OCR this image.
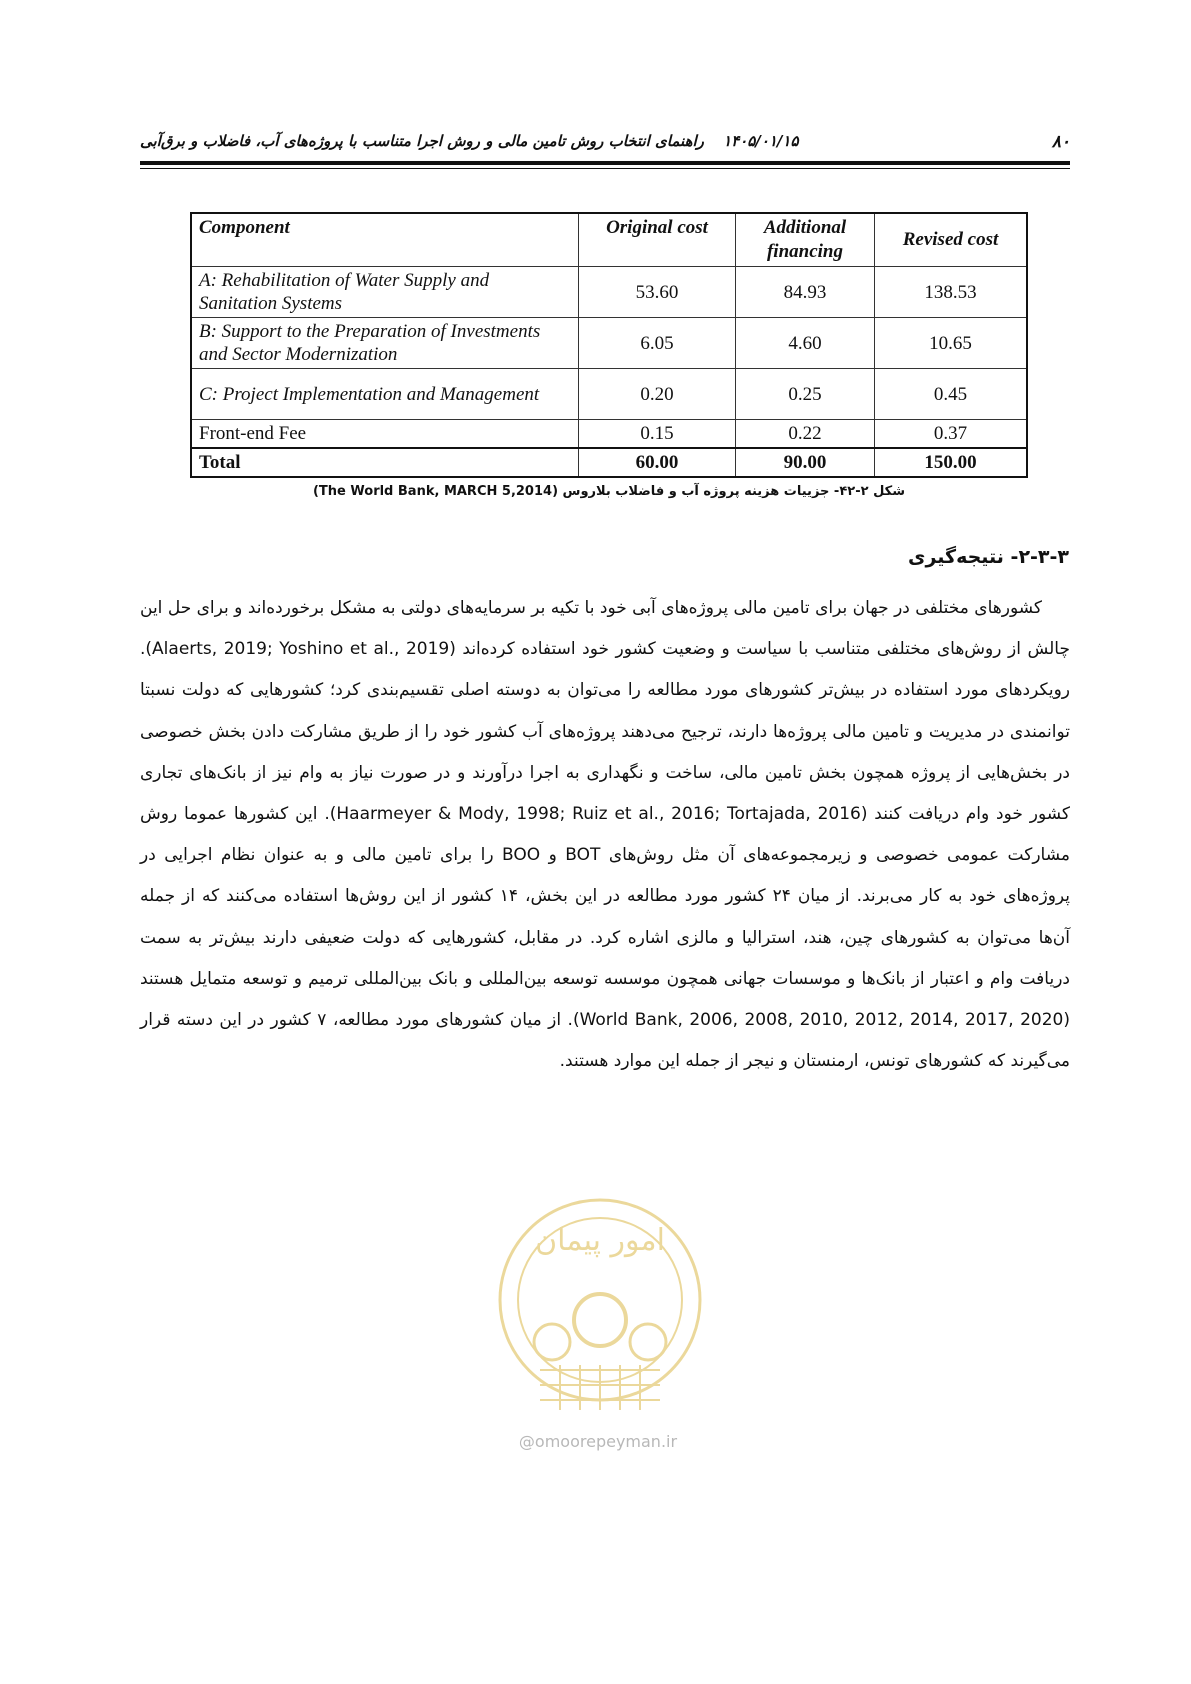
۸۰
۱۴۰۵/۰۱/۱۵ راهنمای انتخاب روش تامین مالی و روش اجرا متناسب با پروژه‌های آب، فاضلاب و برق‌آبی
Component	Original cost	Additional financing	Revised cost
A: Rehabilitation of Water Supply and Sanitation Systems	53.60	84.93	138.53
B: Support to the Preparation of Investments and Sector Modernization	6.05	4.60	10.65
C: Project Implementation and Management	0.20	0.25	0.45
Front-end Fee	0.15	0.22	0.37
Total	60.00	90.00	150.00
شکل ۲-۴۲- جزییات هزینه پروژه آب و فاضلاب بلاروس (The World Bank, MARCH 5,2014)
۲-۳-۳- نتیجه‌گیری

کشورهای مختلفی در جهان برای تامین مالی پروژه‌های آبی خود با تکیه بر سرمایه‌های دولتی به مشکل برخورده‌اند و برای حل این چالش از روش‌های مختلفی متناسب با سیاست و وضعیت کشور خود استفاده کرده‌اند (Alaerts, 2019; Yoshino et al., 2019). رویکردهای مورد استفاده در بیش‌تر کشورهای مورد مطالعه را می‌توان به دوسته اصلی تقسیم‌بندی کرد؛ کشورهایی که دولت نسبتا توانمندی در مدیریت و تامین مالی پروژه‌ها دارند، ترجیح می‌دهند پروژه‌های آب کشور خود را از طریق مشارکت دادن بخش خصوصی در بخش‌هایی از پروژه همچون بخش تامین مالی، ساخت و نگهداری به اجرا درآورند و در صورت نیاز به وام نیز از بانک‌های تجاری کشور خود وام دریافت کنند (Haarmeyer & Mody, 1998; Ruiz et al., 2016; Tortajada, 2016). این کشورها عموما روش مشارکت عمومی خصوصی و زیرمجموعه‌های آن مثل روش‌های BOT و BOO را برای تامین مالی و به عنوان نظام اجرایی در پروژه‌های خود به کار می‌برند. از میان ۲۴ کشور مورد مطالعه در این بخش، ۱۴ کشور از این روش‌ها استفاده می‌کنند که از جمله آن‌ها می‌توان به کشورهای چین، هند، استرالیا و مالزی اشاره کرد. در مقابل، کشورهایی که دولت ضعیفی دارند بیش‌تر به سمت دریافت وام و اعتبار از بانک‌ها و موسسات جهانی همچون موسسه توسعه بین‌المللی و بانک بین‌المللی ترمیم و توسعه متمایل هستند (World Bank, 2006, 2008, 2010, 2012, 2014, 2017, 2020). از میان کشورهای مورد مطالعه، ۷ کشور در این دسته قرار می‌گیرند که کشورهای تونس، ارمنستان و نیجر از جمله این موارد هستند.

امور پیمان
@omoorepeyman.ir
